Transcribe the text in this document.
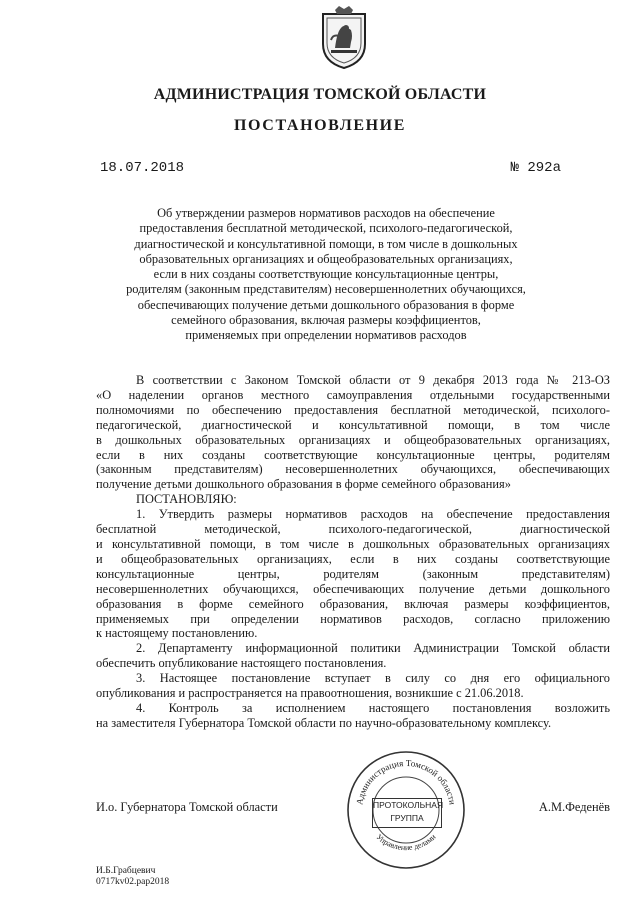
АДМИНИСТРАЦИЯ ТОМСКОЙ ОБЛАСТИ
ПОСТАНОВЛЕНИЕ
18.07.2018	№ 292а
Об утверждении размеров нормативов расходов на обеспечение
предоставления бесплатной методической, психолого-педагогической,
диагностической и консультативной помощи, в том числе в дошкольных
образовательных организациях и общеобразовательных организациях,
если в них созданы соответствующие консультационные центры,
родителям (законным представителям) несовершеннолетних обучающихся,
обеспечивающих получение детьми дошкольного образования в форме
семейного образования, включая размеры коэффициентов,
применяемых при определении нормативов расходов
В соответствии с Законом Томской области от 9 декабря 2013 года № 213-ОЗ
«О наделении органов местного самоуправления отдельными государственными
полномочиями по обеспечению предоставления бесплатной методической, психолого-
педагогической, диагностической и консультативной помощи, в том числе
в дошкольных образовательных организациях и общеобразовательных организациях,
если в них созданы соответствующие консультационные центры, родителям
(законным представителям) несовершеннолетних обучающихся, обеспечивающих
получение детьми дошкольного образования в форме семейного образования»
ПОСТАНОВЛЯЮ:
1. Утвердить размеры нормативов расходов на обеспечение предоставления
бесплатной методической, психолого-педагогической, диагностической
и консультативной помощи, в том числе в дошкольных образовательных организациях
и общеобразовательных организациях, если в них созданы соответствующие
консультационные центры, родителям (законным представителям)
несовершеннолетних обучающихся, обеспечивающих получение детьми дошкольного
образования в форме семейного образования, включая размеры коэффициентов,
применяемых при определении нормативов расходов, согласно приложению
к настоящему постановлению.
2. Департаменту информационной политики Администрации Томской области
обеспечить опубликование настоящего постановления.
3. Настоящее постановление вступает в силу со дня его официального
опубликования и распространяется на правоотношения, возникшие с 21.06.2018.
4. Контроль за исполнением настоящего постановления возложить
на заместителя Губернатора Томской области по научно-образовательному комплексу.
И.о. Губернатора Томской области	А.М.Феденёв
Администрация Томской области
Управление делами
ПРОТОКОЛЬНАЯ
ГРУППА
И.Б.Грабцевич
0717kv02.pap2018
